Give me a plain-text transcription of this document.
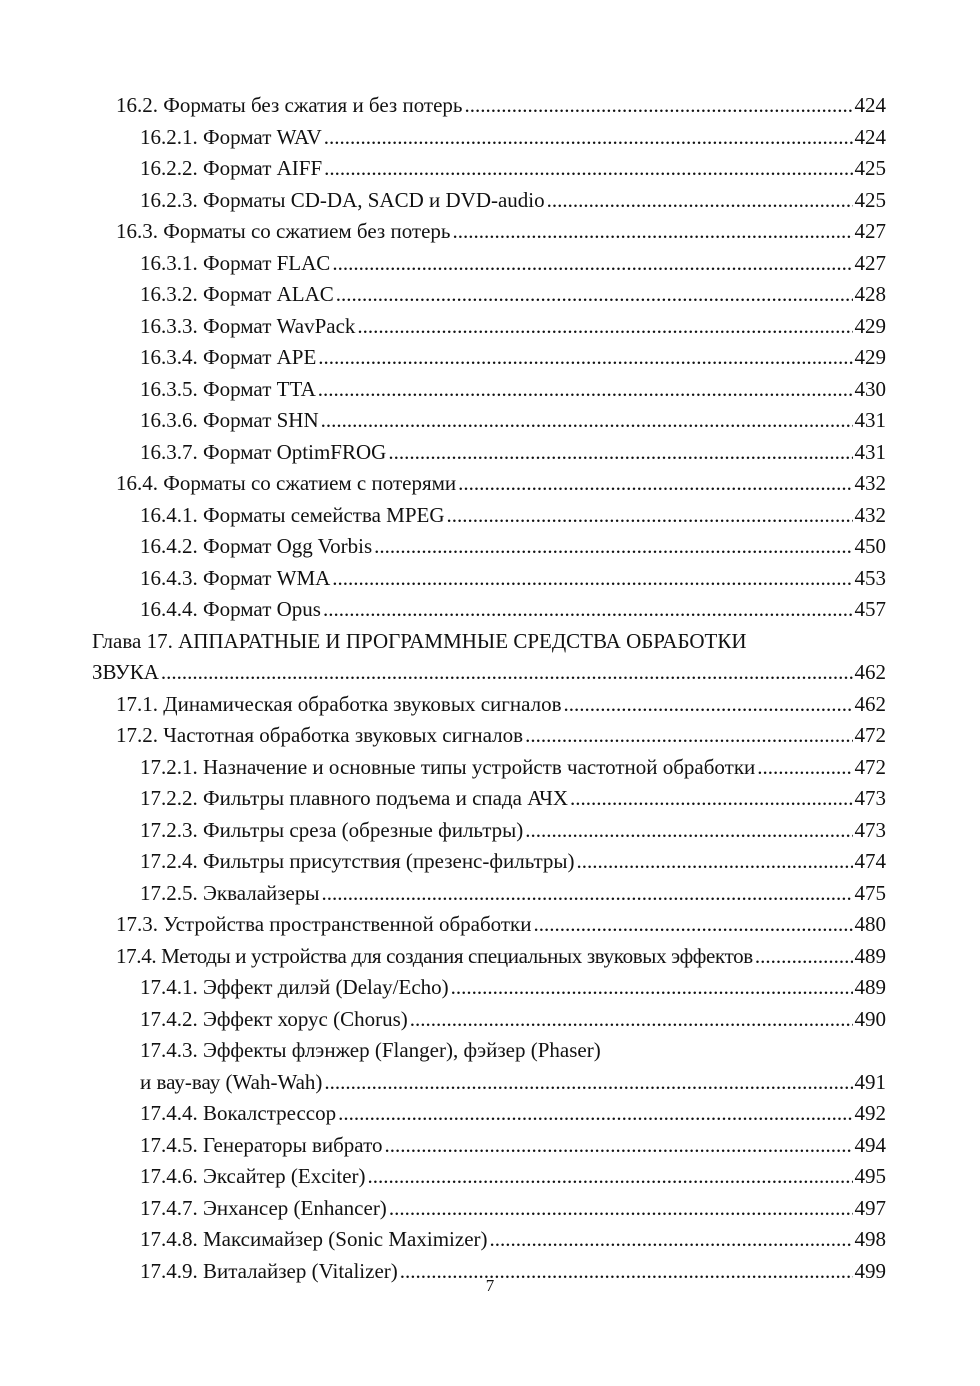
16.2. Форматы без сжатия и без потерь .....	424
16.2.1. Формат WAV .....	424
16.2.2. Формат AIFF .....	425
16.2.3. Форматы CD-DA, SACD и DVD-audio .....	425
16.3. Форматы со сжатием без потерь .....	427
16.3.1. Формат FLAC .....	427
16.3.2. Формат ALAC .....	428
16.3.3. Формат WavPack .....	429
16.3.4. Формат APE .....	429
16.3.5. Формат TTA .....	430
16.3.6. Формат SHN .....	431
16.3.7. Формат OptimFROG .....	431
16.4. Форматы со сжатием с потерями .....	432
16.4.1. Форматы семейства MPEG .....	432
16.4.2. Формат Ogg Vorbis .....	450
16.4.3. Формат WMA .....	453
16.4.4. Формат Opus .....	457
Глава 17. АППАРАТНЫЕ И ПРОГРАММНЫЕ СРЕДСТВА ОБРАБОТКИ
ЗВУКА .....	462
17.1. Динамическая обработка звуковых сигналов .....	462
17.2. Частотная обработка звуковых сигналов .....	472
17.2.1. Назначение и основные типы устройств частотной обработки .....	472
17.2.2. Фильтры плавного подъема и спада АЧХ .....	473
17.2.3. Фильтры среза (обрезные фильтры) .....	473
17.2.4. Фильтры присутствия (презенс-фильтры) .....	474
17.2.5. Эквалайзеры .....	475
17.3. Устройства пространственной обработки .....	480
17.4. Методы и устройства для создания специальных звуковых эффектов .....	489
17.4.1. Эффект дилэй (Delay/Echo) .....	489
17.4.2. Эффект хорус (Chorus) .....	490
17.4.3. Эффекты флэнжер (Flanger), фэйзер (Phaser)
и вау-вау (Wah-Wah) .....	491
17.4.4. Вокалстрессор .....	492
17.4.5. Генераторы вибрато .....	494
17.4.6. Эксайтер (Exciter) .....	495
17.4.7. Энхансер (Enhancer) .....	497
17.4.8. Максимайзер (Sonic Maximizer) .....	498
17.4.9. Виталайзер (Vitalizer) .....	499
7
